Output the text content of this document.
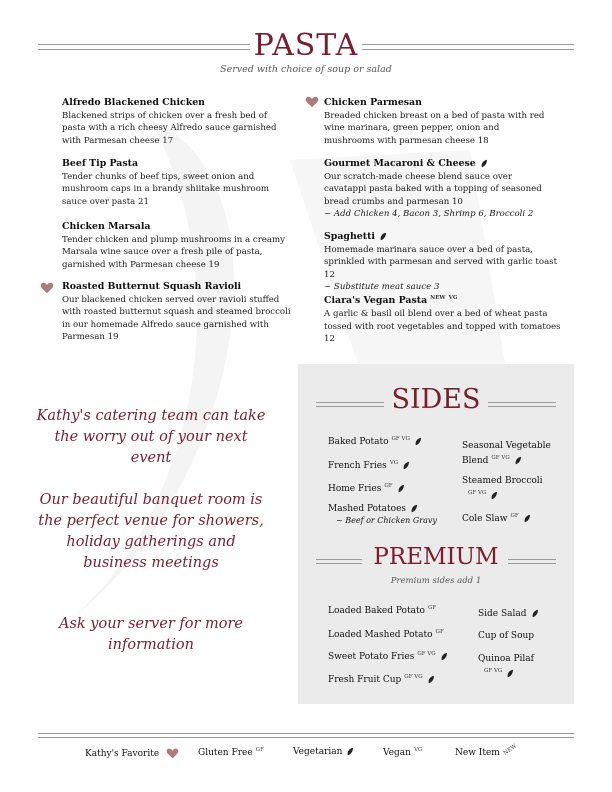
PASTA
Served with choice of soup or salad
Alfredo Blackened Chicken
Blackened strips of chicken over a fresh bed of pasta with a rich cheesy Alfredo sauce garnished with Parmesan cheese 17
Beef Tip Pasta
Tender chunks of beef tips, sweet onion and mushroom caps in a brandy shiitake mushroom sauce over pasta 21
Chicken Marsala
Tender chicken and plump mushrooms in a creamy Marsala wine sauce over a fresh pile of pasta, garnished with Parmesan cheese 19
Roasted Butternut Squash Ravioli
Our blackened chicken served over ravioli stuffed with roasted butternut squash and steamed broccoli in our homemade Alfredo sauce garnished with Parmesan 19
Chicken Parmesan
Breaded chicken breast on a bed of pasta with red wine marinara, green pepper, onion and mushrooms with parmesan cheese 18
Gourmet Macaroni & Cheese
Our scratch-made cheese blend sauce over cavatappi pasta baked with a topping of seasoned bread crumbs and parmesan 10
~ Add Chicken 4, Bacon 3, Shrimp 6, Broccoli 2
Spaghetti
Homemade marinara sauce over a bed of pasta, sprinkled with parmesan and served with garlic toast 12
~ Substitute meat sauce 3
Ciara's Vegan Pasta $^{NEW}$ $^{VG}$
A garlic & basil oil blend over a bed of wheat pasta tossed with root vegetables and topped with tomatoes 12
Kathy's catering team can take the worry out of your next event
Our beautiful banquet room is the perfect venue for showers, holiday gatherings and business meetings
Ask your server for more information
SIDES
Baked Potato $^{GF VG}$
French Fries $^{VG}$
Home Fries $^{GF}$
Mashed Potatoes
~ Beef or Chicken Gravy
Seasonal Vegetable Blend $^{GF VG}$
Steamed Broccoli
$^{GF VG}$
Cole Slaw $^{GF}$
PREMIUM
Premium sides add 1
Loaded Baked Potato $^{GF}$
Loaded Mashed Potato $^{GF}$
Sweet Potato Fries $^{GF VG}$
Fresh Fruit Cup $^{GF VG}$
Side Salad
Cup of Soup
Quinoa Pilaf
$^{GF VG}$
Kathy's Favorite	Gluten Free $^{GF}$	Vegetarian	Vegan $^{VG}$	New Item NEW
